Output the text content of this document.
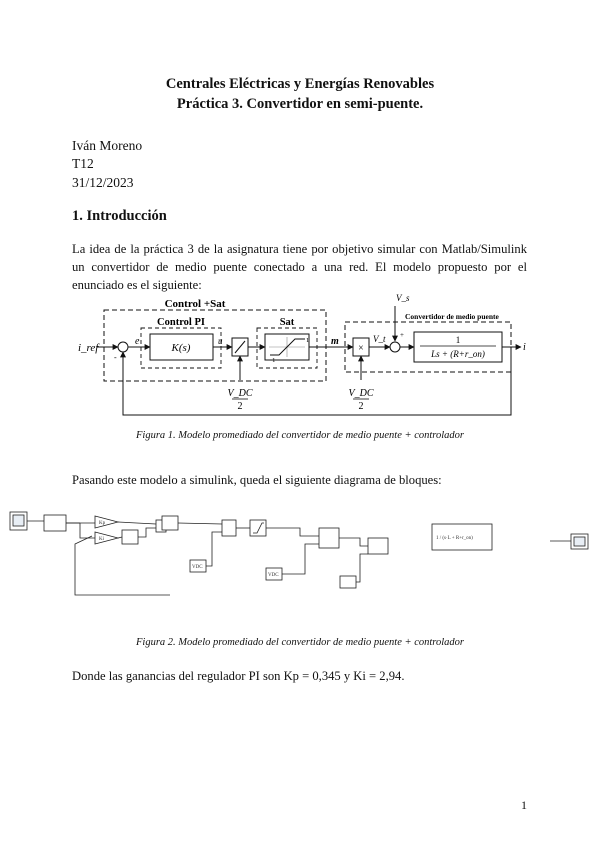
Centrales Eléctricas y Energías Renovables
Práctica 3. Convertidor en semi-puente.
Iván Moreno
T12
31/12/2023
1. Introducción
La idea de la práctica 3 de la asignatura tiene por objetivo simular con Matlab/Simulink un convertidor de medio puente conectado a una red. El modelo propuesto por el enunciado es el siguiente:
Control +Sat
Control PI
K(s)
Sat
1
-1
i_ref
-
e	u
V_DC
2
m
Convertidor de medio puente
×
V_DC
2
V_t
V_s
+	1
Ls + (R+r_on)
i
Figura 1. Modelo promediado del convertidor de medio puente + controlador
Pasando este modelo a simulink, queda el siguiente diagrama de bloques:
Kp
Ki
VDC
VDC
1 / (s·L + R+r_on)
Figura 2. Modelo promediado del convertidor de medio puente + controlador
Donde las ganancias del regulador PI son Kp = 0,345 y Ki = 2,94.
1
